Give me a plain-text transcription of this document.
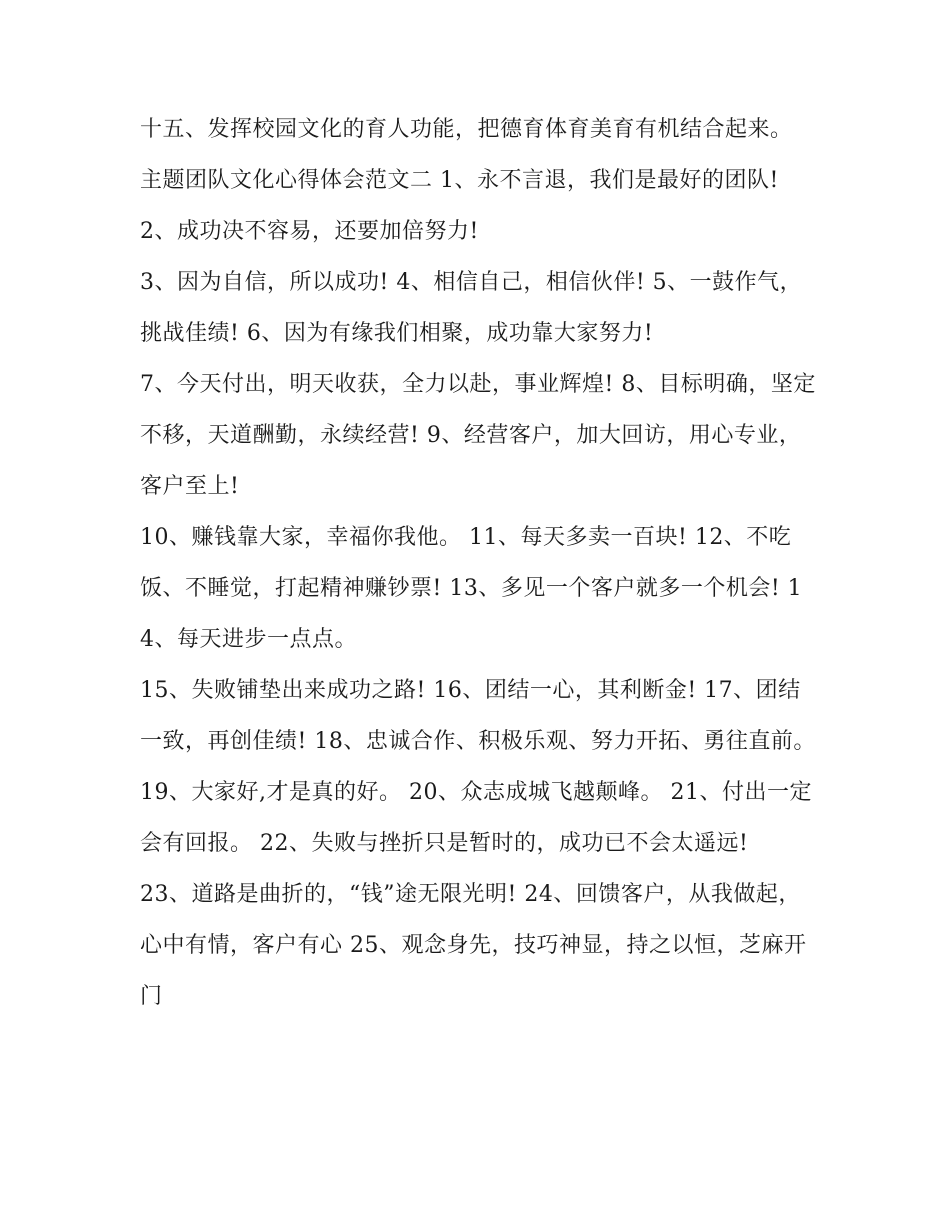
十五、发挥校园文化的育人功能，把德育体育美育有机结合起来。 主题团队文化心得体会范文二 1、永不言退，我们是最好的团队! 2、成功决不容易，还要加倍努力!

3、因为自信，所以成功! 4、相信自己，相信伙伴! 5、一鼓作气，挑战佳绩! 6、因为有缘我们相聚，成功靠大家努力!

7、今天付出，明天收获，全力以赴，事业辉煌! 8、目标明确，坚定不移，天道酬勤，永续经营! 9、经营客户，加大回访，用心专业，客户至上!

10、赚钱靠大家，幸福你我他。 11、每天多卖一百块! 12、不吃饭、不睡觉，打起精神赚钞票! 13、多见一个客户就多一个机会! 14、每天进步一点点。

15、失败铺垫出来成功之路! 16、团结一心，其利断金! 17、团结一致，再创佳绩! 18、忠诚合作、积极乐观、努力开拓、勇往直前。

19、大家好,才是真的好。 20、众志成城飞越颠峰。 21、付出一定会有回报。 22、失败与挫折只是暂时的，成功已不会太遥远!

23、道路是曲折的，“钱”途无限光明! 24、回馈客户，从我做起，心中有情，客户有心 25、观念身先，技巧神显，持之以恒，芝麻开门
